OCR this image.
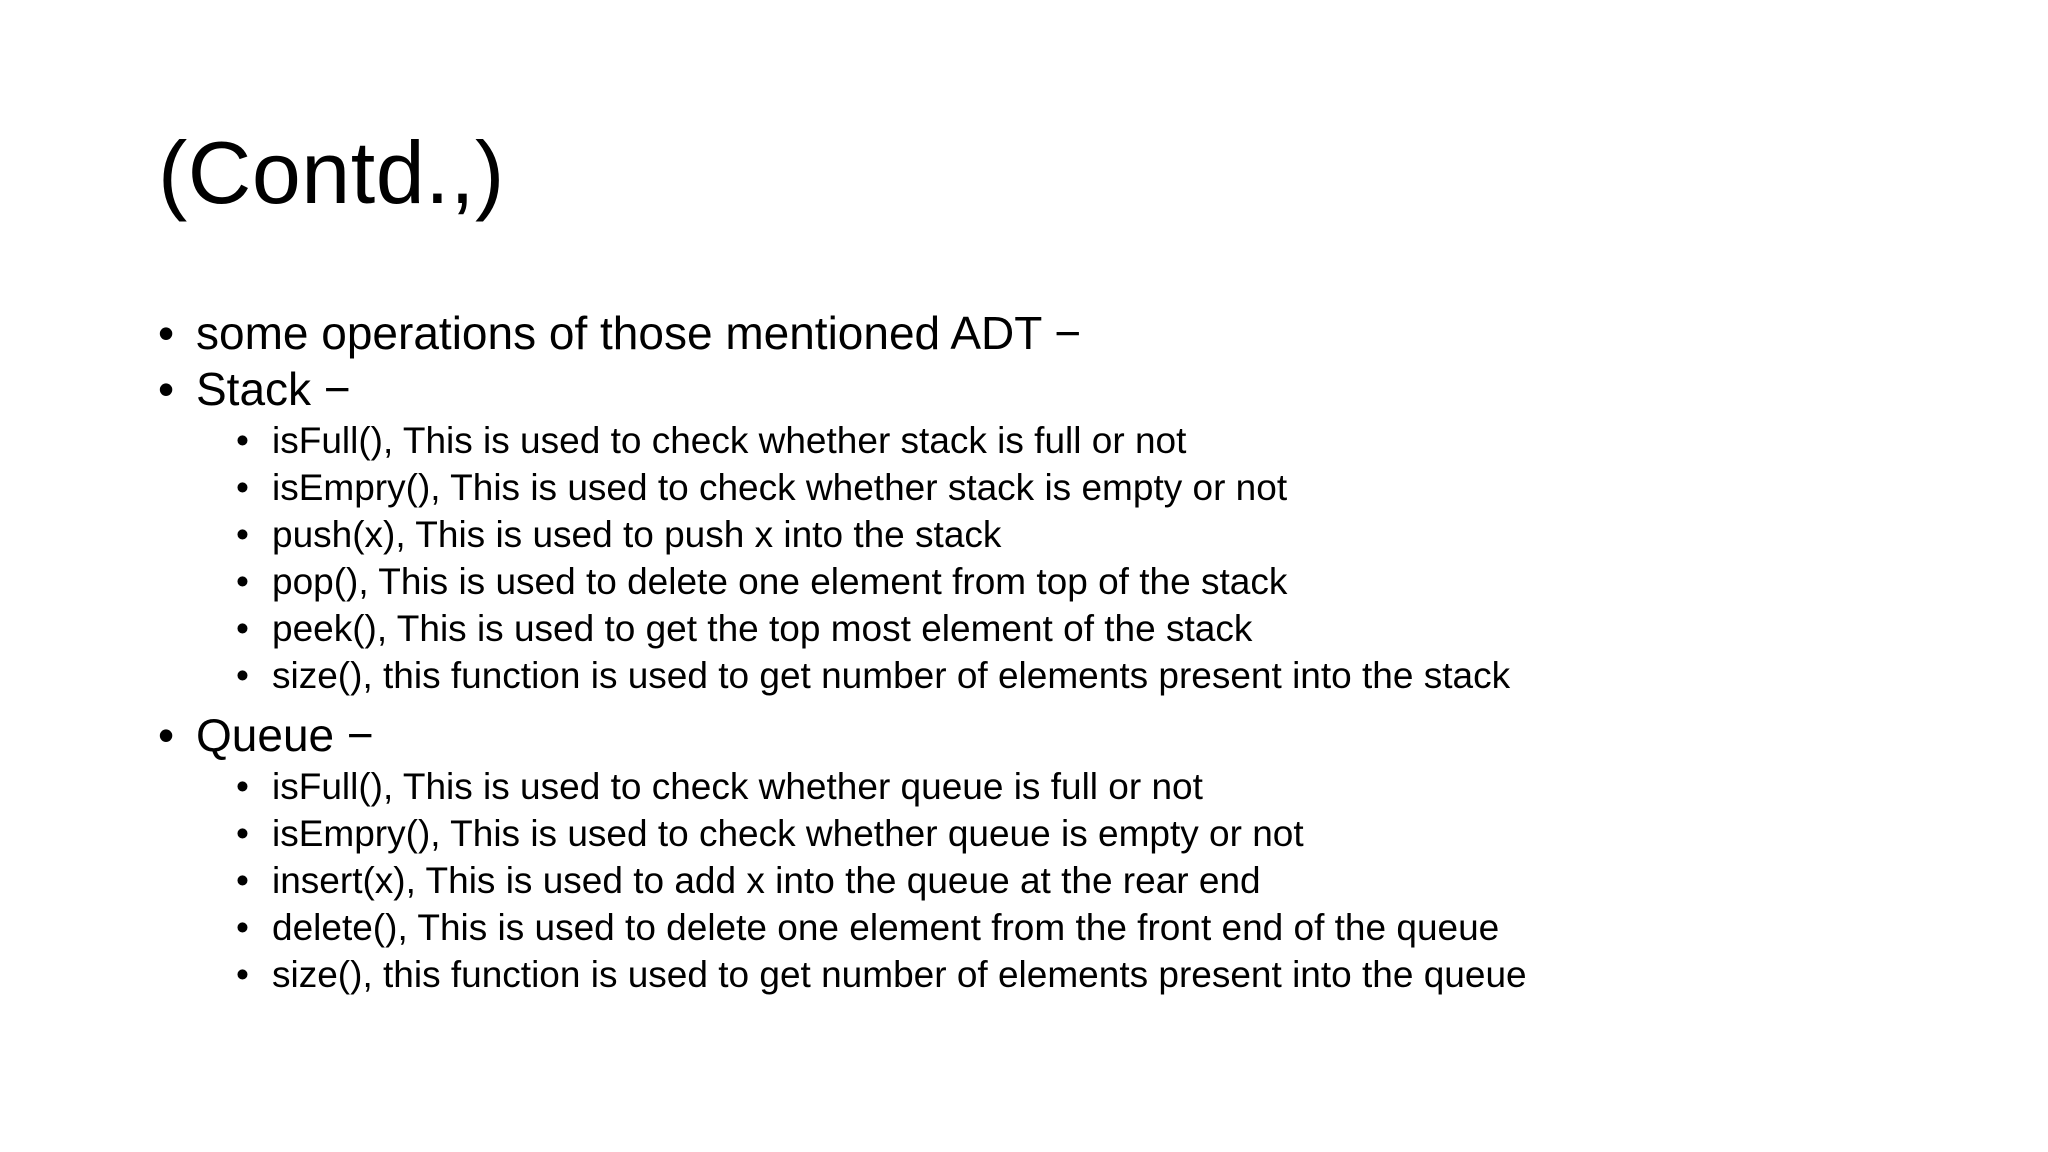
(Contd.,)
• some operations of those mentioned ADT −
• Stack −
• isFull(), This is used to check whether stack is full or not
• isEmpry(), This is used to check whether stack is empty or not
• push(x), This is used to push x into the stack
• pop(), This is used to delete one element from top of the stack
• peek(), This is used to get the top most element of the stack
• size(), this function is used to get number of elements present into the stack
• Queue −
• isFull(), This is used to check whether queue is full or not
• isEmpry(), This is used to check whether queue is empty or not
• insert(x), This is used to add x into the queue at the rear end
• delete(), This is used to delete one element from the front end of the queue
• size(), this function is used to get number of elements present into the queue
